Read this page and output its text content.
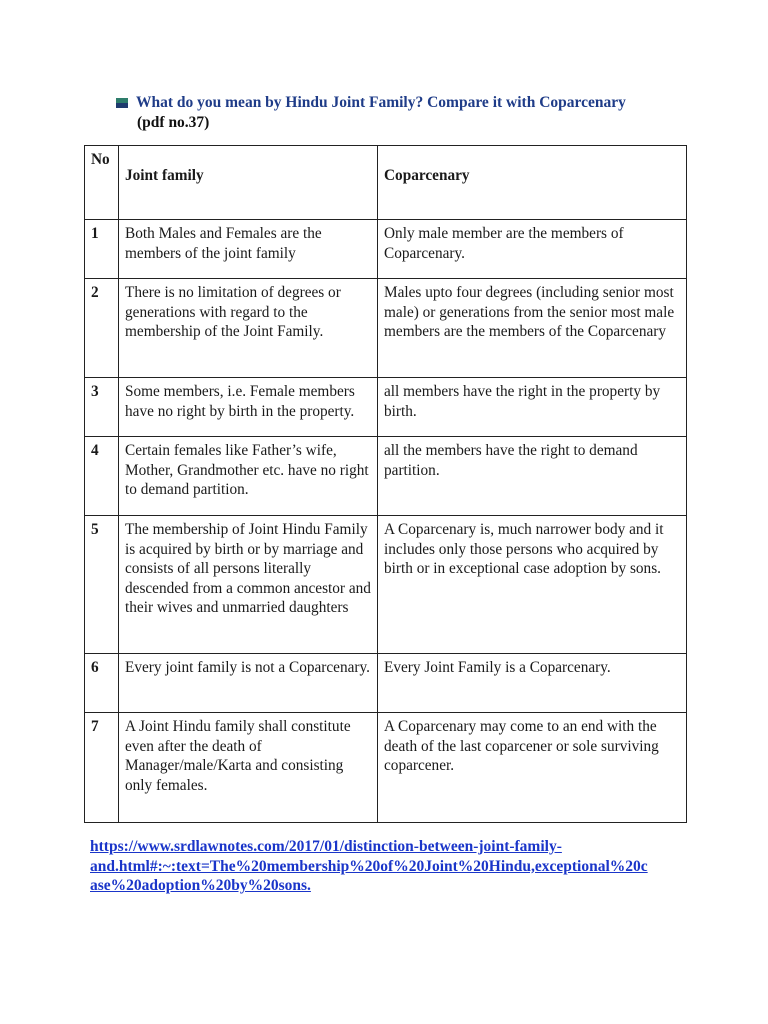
What do you mean by Hindu Joint Family? Compare it with Coparcenary
(pdf no.37)
No	Joint family	Coparcenary
1	Both Males and Females are the members of the joint family	Only male member are the members of Coparcenary.
2	There is no limitation of degrees or generations with regard to the membership of the Joint Family.	Males upto four degrees (including senior most male) or generations from the senior most male members are the members of the Coparcenary
3	Some members, i.e. Female members have no right by birth in the property.	all members have the right in the property by birth.
4	Certain females like Father’s wife, Mother, Grandmother etc. have no right to demand partition.	all the members have the right to demand partition.
5	The membership of Joint Hindu Family is acquired by birth or by marriage and consists of all persons literally descended from a common ancestor and their wives and unmarried daughters	A Coparcenary is, much narrower body and it includes only those persons who acquired by birth or in exceptional case adoption by sons.
6	Every joint family is not a Coparcenary.	Every Joint Family is a Coparcenary.
7	A Joint Hindu family shall constitute even after the death of Manager/male/Karta and consisting only females.	A Coparcenary may come to an end with the death of the last coparcener or sole surviving coparcener.
https://www.srdlawnotes.com/2017/01/distinction-between-joint-family-
and.html#:~:text=The%20membership%20of%20Joint%20Hindu,exceptional%20c
ase%20adoption%20by%20sons.
